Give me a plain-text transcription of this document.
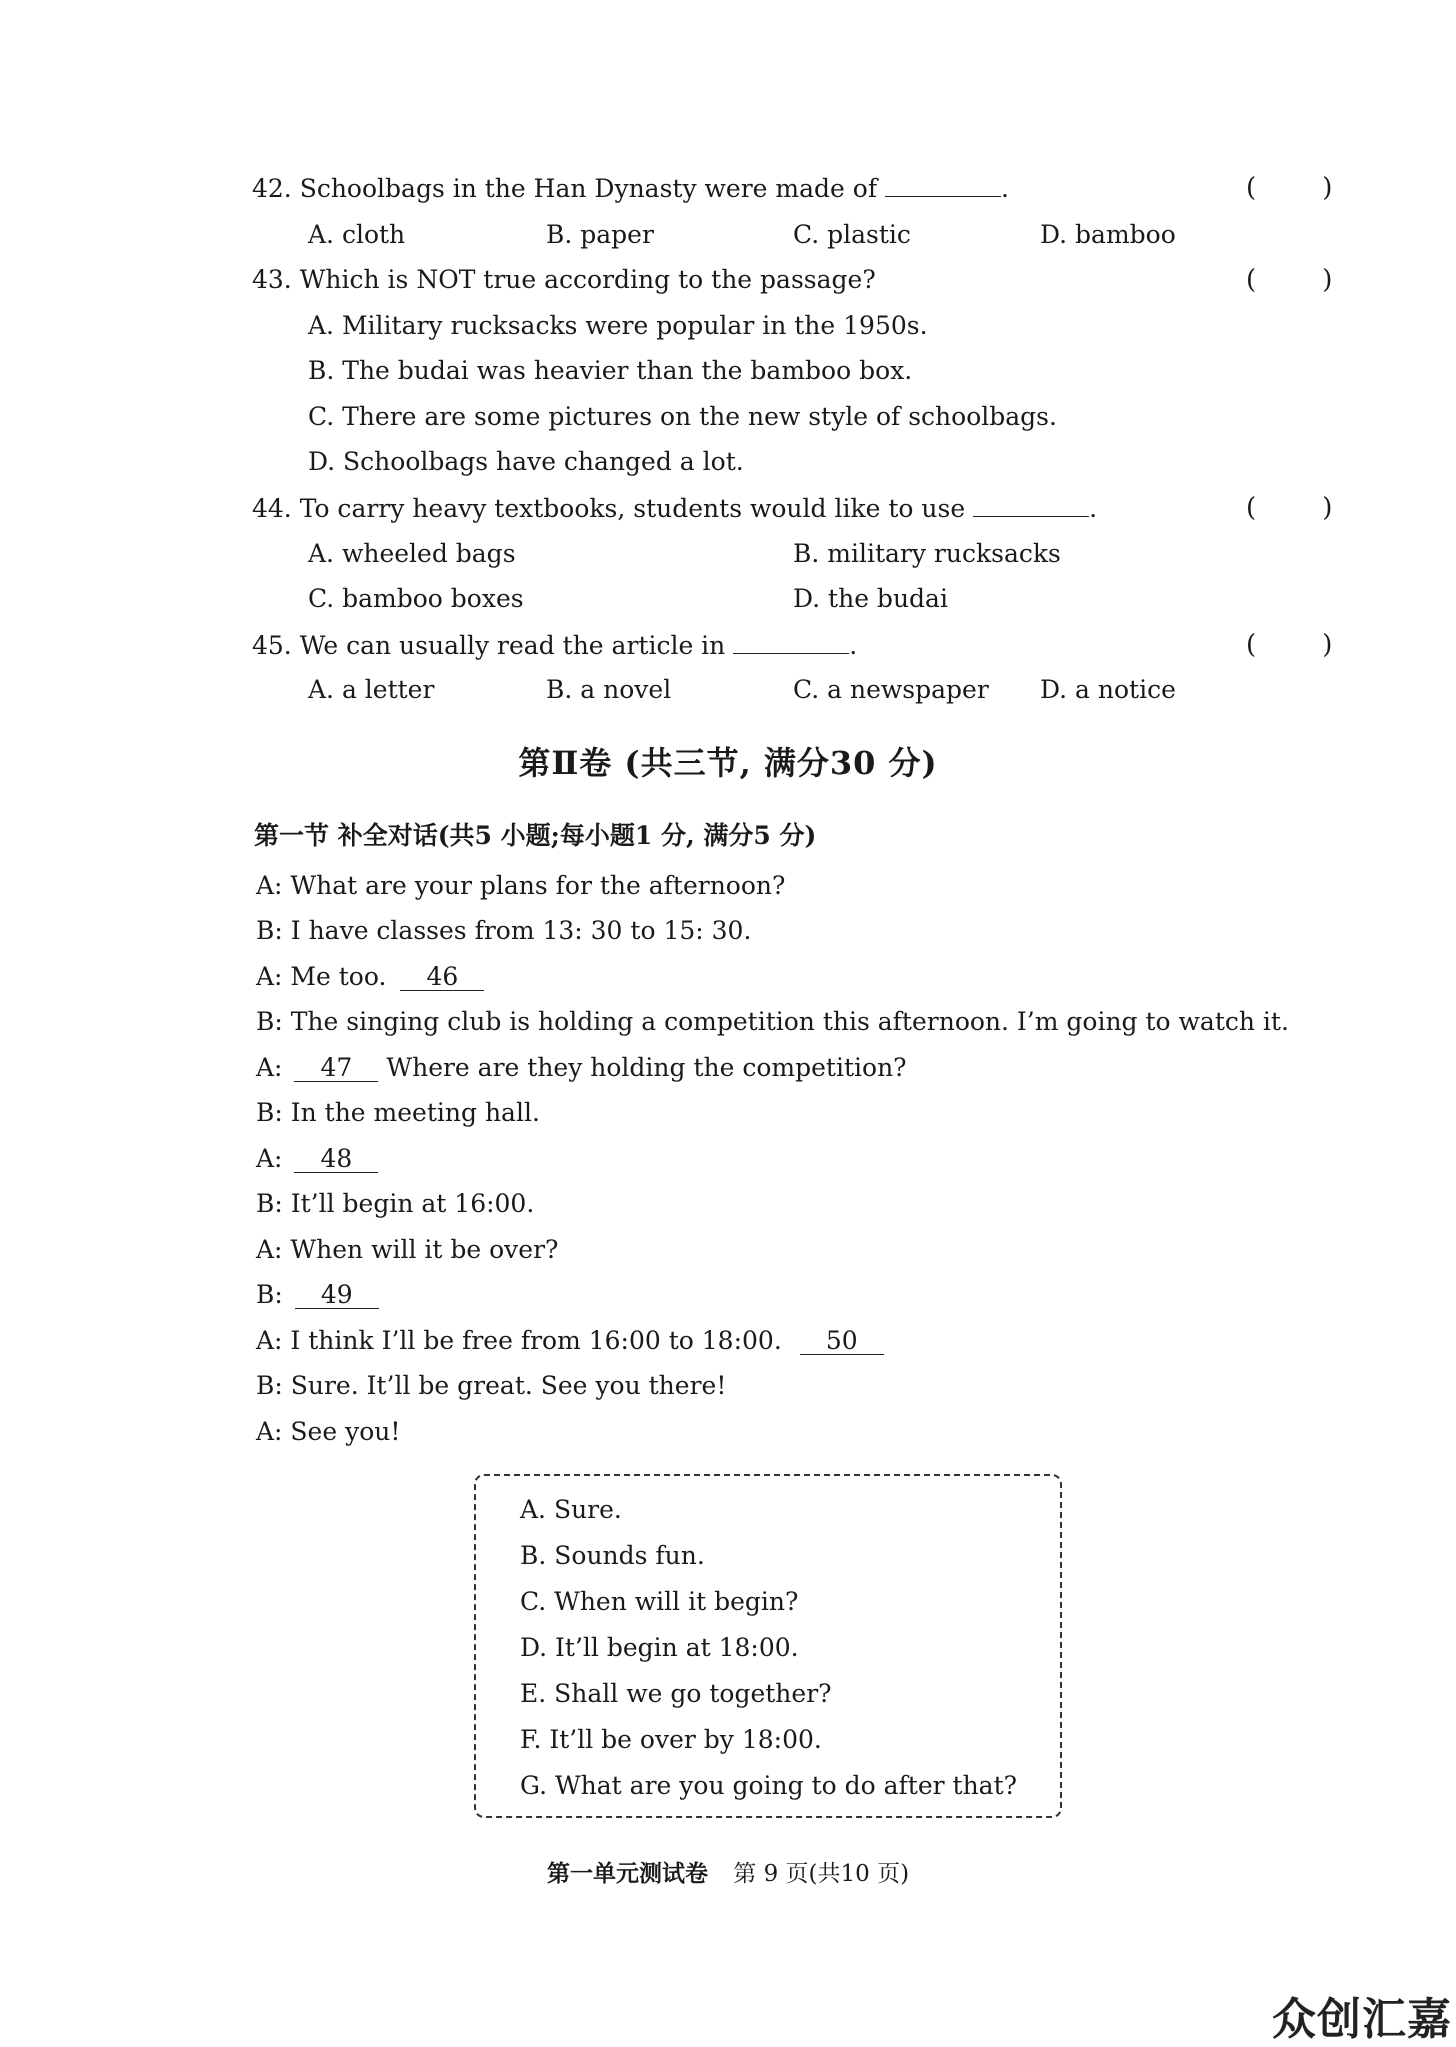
42. Schoolbags in the Han Dynasty were made of	.	(        )
A. cloth	B. paper	C. plastic	D. bamboo
43. Which is NOT true according to the passage?	(        )
A. Military rucksacks were popular in the 1950s.
B. The budai was heavier than the bamboo box.
C. There are some pictures on the new style of schoolbags.
D. Schoolbags have changed a lot.
44. To carry heavy textbooks, students would like to use	.	(        )
A. wheeled bags	B. military rucksacks
C. bamboo boxes	D. the budai
45. We can usually read the article in	.	(        )
A. a letter	B. a novel	C. a newspaper D. a notice
第Ⅱ卷 (共三节, 满分30 分)
第一节 补全对话(共5 小题;每小题1 分, 满分5 分)
A: What are your plans for the afternoon?
B: I have classes from 13: 30 to 15: 30.
A: Me too. 46
B: The singing club is holding a competition this afternoon. I’m going to watch it.
A: 47 Where are they holding the competition?
B: In the meeting hall.
A: 48
B: It’ll begin at 16:00.
A: When will it be over?
B: 49
A: I think I’ll be free from 16:00 to 18:00. 50
B: Sure. It’ll be great. See you there!
A: See you!
A. Sure.
B. Sounds fun.
C. When will it begin?
D. It’ll begin at 18:00.
E. Shall we go together?
F. It’ll be over by 18:00.
G. What are you going to do after that?
第一单元测试卷 第 9 页(共10 页)
众创汇嘉
